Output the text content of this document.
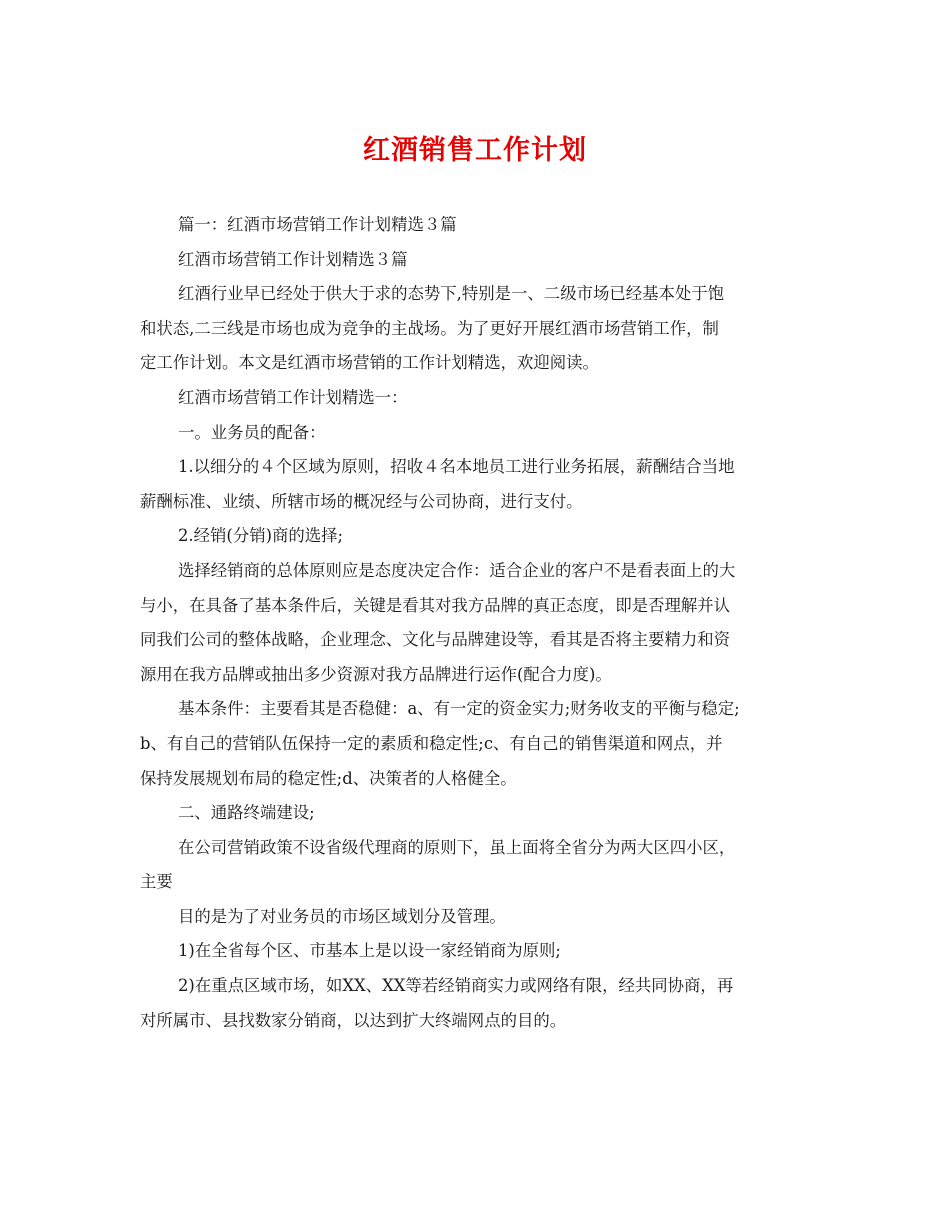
红酒销售工作计划
篇一：红酒市场营销工作计划精选３篇
红酒市场营销工作计划精选３篇
红酒行业早已经处于供大于求的态势下,特别是一、二级市场已经基本处于饱
和状态,二三线是市场也成为竞争的主战场。为了更好开展红酒市场营销工作，制
定工作计划。本文是红酒市场营销的工作计划精选，欢迎阅读。
红酒市场营销工作计划精选一：
一。业务员的配备：
1.以细分的４个区域为原则，招收４名本地员工进行业务拓展，薪酬结合当地
薪酬标准、业绩、所辖市场的概况经与公司协商，进行支付。
2.经销(分销)商的选择;
选择经销商的总体原则应是态度决定合作：适合企业的客户不是看表面上的大
与小，在具备了基本条件后，关键是看其对我方品牌的真正态度，即是否理解并认
同我们公司的整体战略，企业理念、文化与品牌建设等，看其是否将主要精力和资
源用在我方品牌或抽出多少资源对我方品牌进行运作(配合力度)。
基本条件：主要看其是否稳健：a、有一定的资金实力;财务收支的平衡与稳定;
b、有自己的营销队伍保持一定的素质和稳定性;c、有自己的销售渠道和网点，并
保持发展规划布局的稳定性;d、决策者的人格健全。
二、通路终端建设;
在公司营销政策不设省级代理商的原则下，虽上面将全省分为两大区四小区，
主要
目的是为了对业务员的市场区域划分及管理。
1)在全省每个区、市基本上是以设一家经销商为原则;
2)在重点区域市场，如XX、XX等若经销商实力或网络有限，经共同协商，再
对所属市、县找数家分销商，以达到扩大终端网点的目的。
